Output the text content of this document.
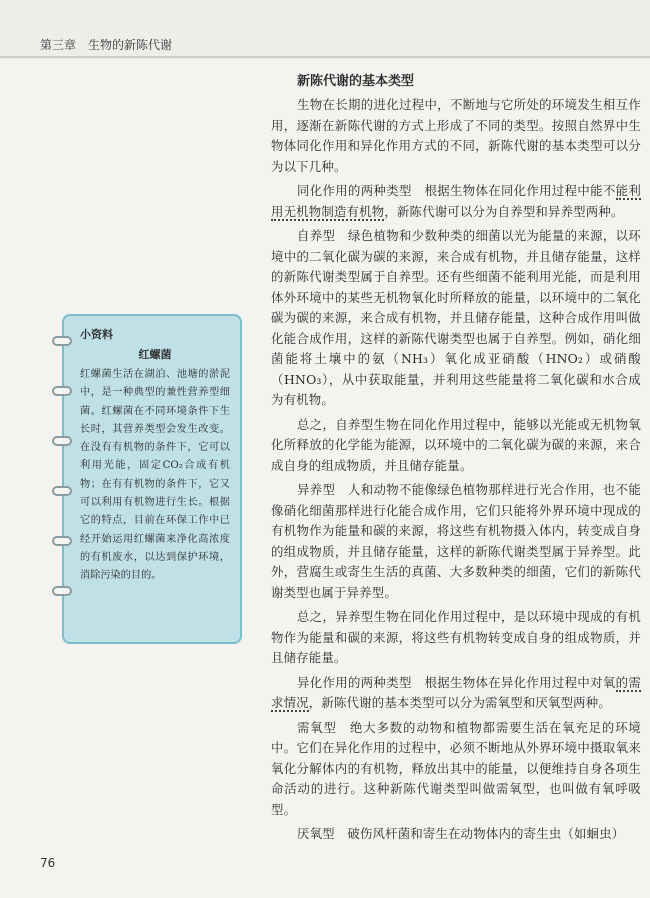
第三章　生物的新陈代谢
新陈代谢的基本类型

生物在长期的进化过程中，不断地与它所处的环境发生相互作用，逐渐在新陈代谢的方式上形成了不同的类型。按照自然界中生物体同化作用和异化作用方式的不同，新陈代谢的基本类型可以分为以下几种。

同化作用的两种类型　根据生物体在同化作用过程中能不能利用无机物制造有机物，新陈代谢可以分为自养型和异养型两种。

自养型　绿色植物和少数种类的细菌以光为能量的来源，以环境中的二氧化碳为碳的来源，来合成有机物，并且储存能量，这样的新陈代谢类型属于自养型。还有些细菌不能利用光能，而是利用体外环境中的某些无机物氧化时所释放的能量，以环境中的二氧化碳为碳的来源，来合成有机物，并且储存能量，这种合成作用叫做化能合成作用，这样的新陈代谢类型也属于自养型。例如，硝化细菌能将土壤中的氨（NH₃）氧化成亚硝酸（HNO₂）或硝酸（HNO₃），从中获取能量，并利用这些能量将二氧化碳和水合成为有机物。

总之，自养型生物在同化作用过程中，能够以光能或无机物氧化所释放的化学能为能源，以环境中的二氧化碳为碳的来源，来合成自身的组成物质，并且储存能量。

异养型　人和动物不能像绿色植物那样进行光合作用，也不能像硝化细菌那样进行化能合成作用，它们只能将外界环境中现成的有机物作为能量和碳的来源，将这些有机物摄入体内，转变成自身的组成物质，并且储存能量，这样的新陈代谢类型属于异养型。此外，营腐生或寄生生活的真菌、大多数种类的细菌，它们的新陈代谢类型也属于异养型。

总之，异养型生物在同化作用过程中，是以环境中现成的有机物作为能量和碳的来源，将这些有机物转变成自身的组成物质，并且储存能量。

异化作用的两种类型　根据生物体在异化作用过程中对氧的需求情况，新陈代谢的基本类型可以分为需氧型和厌氧型两种。

需氧型　绝大多数的动物和植物都需要生活在氧充足的环境中。它们在异化作用的过程中，必须不断地从外界环境中摄取氧来氧化分解体内的有机物，释放出其中的能量，以便维持自身各项生命活动的进行。这种新陈代谢类型叫做需氧型，也叫做有氧呼吸型。

厌氧型　破伤风杆菌和寄生在动物体内的寄生虫（如蛔虫）

小资料
红螺菌

红螺菌生活在湖泊、池塘的淤泥中，是一种典型的兼性营养型细菌。红螺菌在不同环境条件下生长时，其营养类型会发生改变。在没有有机物的条件下，它可以利用光能，固定CO₂合成有机物；在有有机物的条件下，它又可以利用有机物进行生长。根据它的特点，目前在环保工作中已经开始运用红螺菌来净化高浓度的有机废水，以达到保护环境，消除污染的目的。

76
